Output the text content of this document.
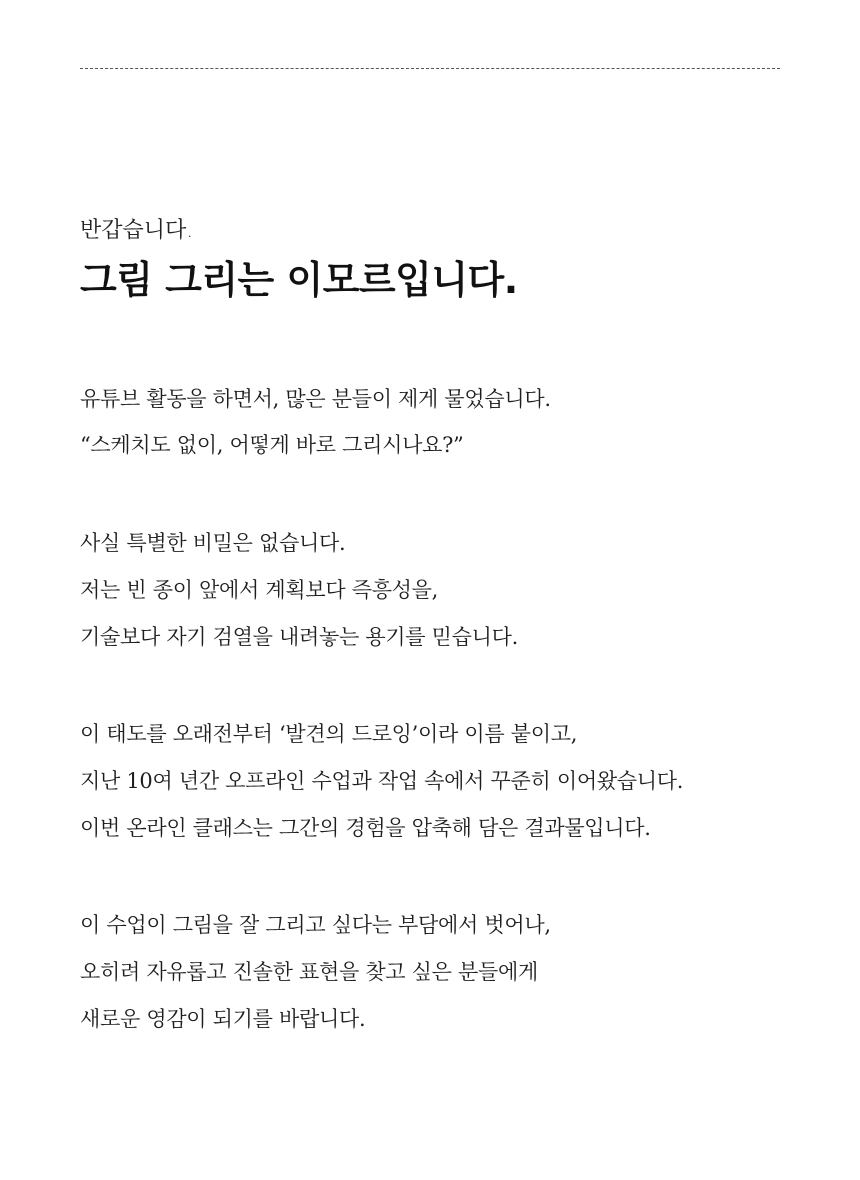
반갑습니다.

그림 그리는 이모르입니다.

유튜브 활동을 하면서, 많은 분들이 제게 물었습니다.

“스케치도 없이, 어떻게 바로 그리시나요?”

사실 특별한 비밀은 없습니다.

저는 빈 종이 앞에서 계획보다 즉흥성을,

기술보다 자기 검열을 내려놓는 용기를 믿습니다.

이 태도를 오래전부터 ‘발견의 드로잉’이라 이름 붙이고,

지난 10여 년간 오프라인 수업과 작업 속에서 꾸준히 이어왔습니다.

이번 온라인 클래스는 그간의 경험을 압축해 담은 결과물입니다.

이 수업이 그림을 잘 그리고 싶다는 부담에서 벗어나,

오히려 자유롭고 진솔한 표현을 찾고 싶은 분들에게

새로운 영감이 되기를 바랍니다.
